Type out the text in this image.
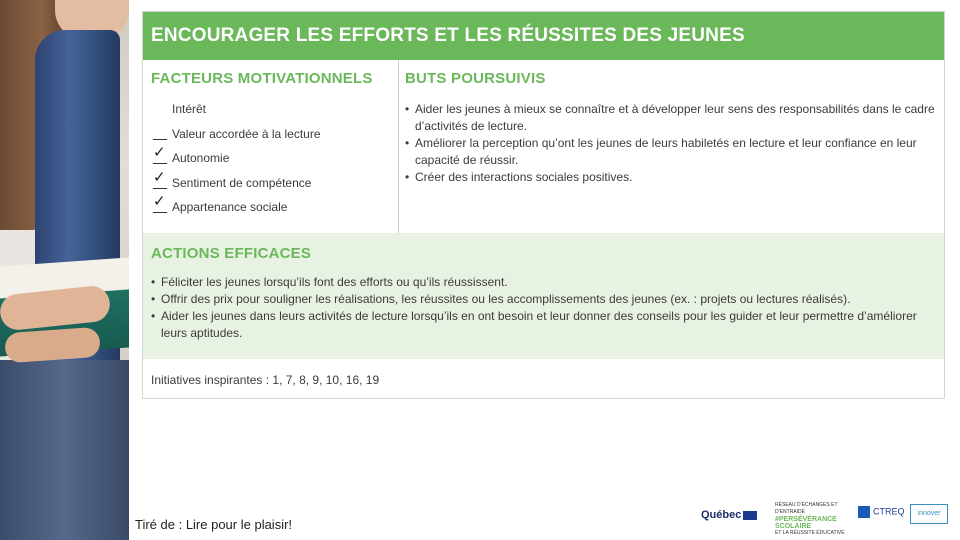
ENCOURAGER LES EFFORTS ET LES RÉUSSITES DES JEUNES
FACTEURS MOTIVATIONNELS
Intérêt
Valeur accordée à la lecture
✓ Autonomie
✓ Sentiment de compétence
✓ Appartenance sociale
BUTS POURSUIVIS
• Aider les jeunes à mieux se connaître et à développer leur sens des responsabilités dans le cadre d’activités de lecture.
• Améliorer la perception qu’ont les jeunes de leurs habiletés en lecture et leur confiance en leur capacité de réussir.
• Créer des interactions sociales positives.
ACTIONS EFFICACES
• Féliciter les jeunes lorsqu’ils font des efforts ou qu’ils réussissent.
• Offrir des prix pour souligner les réalisations, les réussites ou les accomplissements des jeunes (ex. : projets ou lectures réalisés).
• Aider les jeunes dans leurs activités de lecture lorsqu’ils en ont besoin et leur donner des conseils pour les guider et leur permettre d’améliorer leurs aptitudes.
Initiatives inspirantes : 1, 7, 8, 9, 10, 16, 19
Tiré de : Lire pour le plaisir!
Québec
RÉSEAU D’ÉCHANGES ET D’ENTRAIDE
#PERSÉVÉRANCE SCOLAIRE
ET LA RÉUSSITE ÉDUCATIVE
CTREQ	innover
